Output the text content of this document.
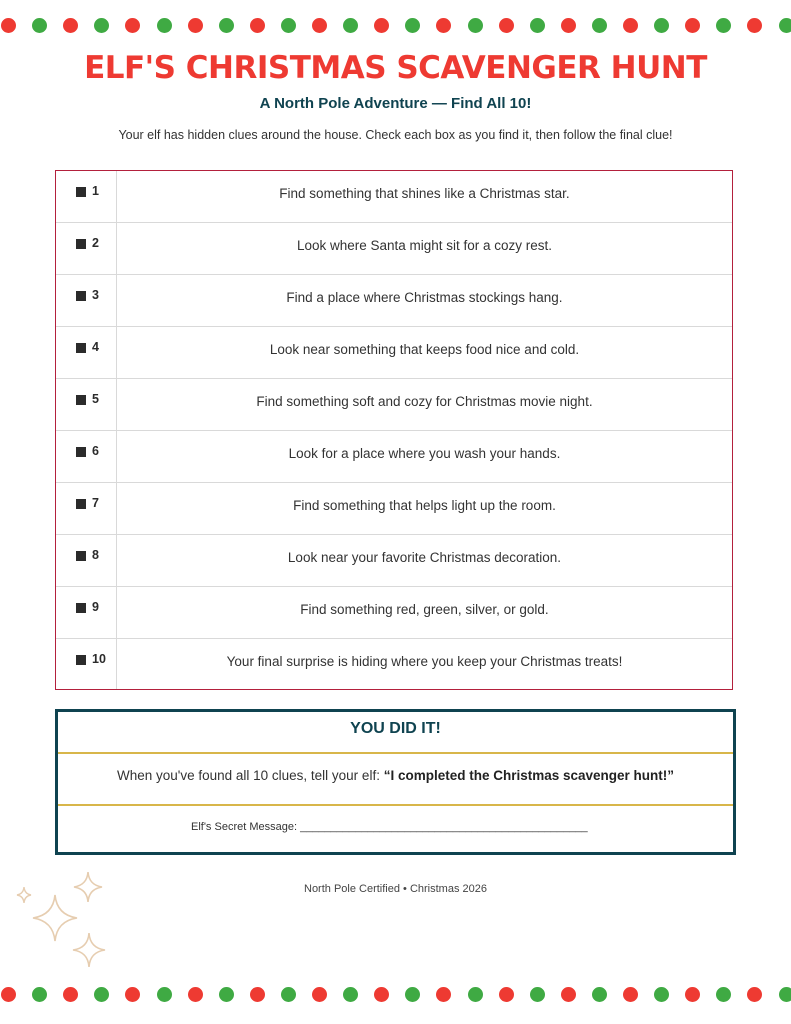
ELF'S CHRISTMAS SCAVENGER HUNT
A North Pole Adventure — Find All 10!
Your elf has hidden clues around the house. Check each box as you find it, then follow the final clue!
1	Find something that shines like a Christmas star.
2	Look where Santa might sit for a cozy rest.
3	Find a place where Christmas stockings hang.
4	Look near something that keeps food nice and cold.
5	Find something soft and cozy for Christmas movie night.
6	Look for a place where you wash your hands.
7	Find something that helps light up the room.
8	Look near your favorite Christmas decoration.
9	Find something red, green, silver, or gold.
10	Your final surprise is hiding where you keep your Christmas treats!
YOU DID IT!
When you've found all 10 clues, tell your elf: “I completed the Christmas scavenger hunt!”
Elf's Secret Message: _______________________________________________
North Pole Certified • Christmas 2026
